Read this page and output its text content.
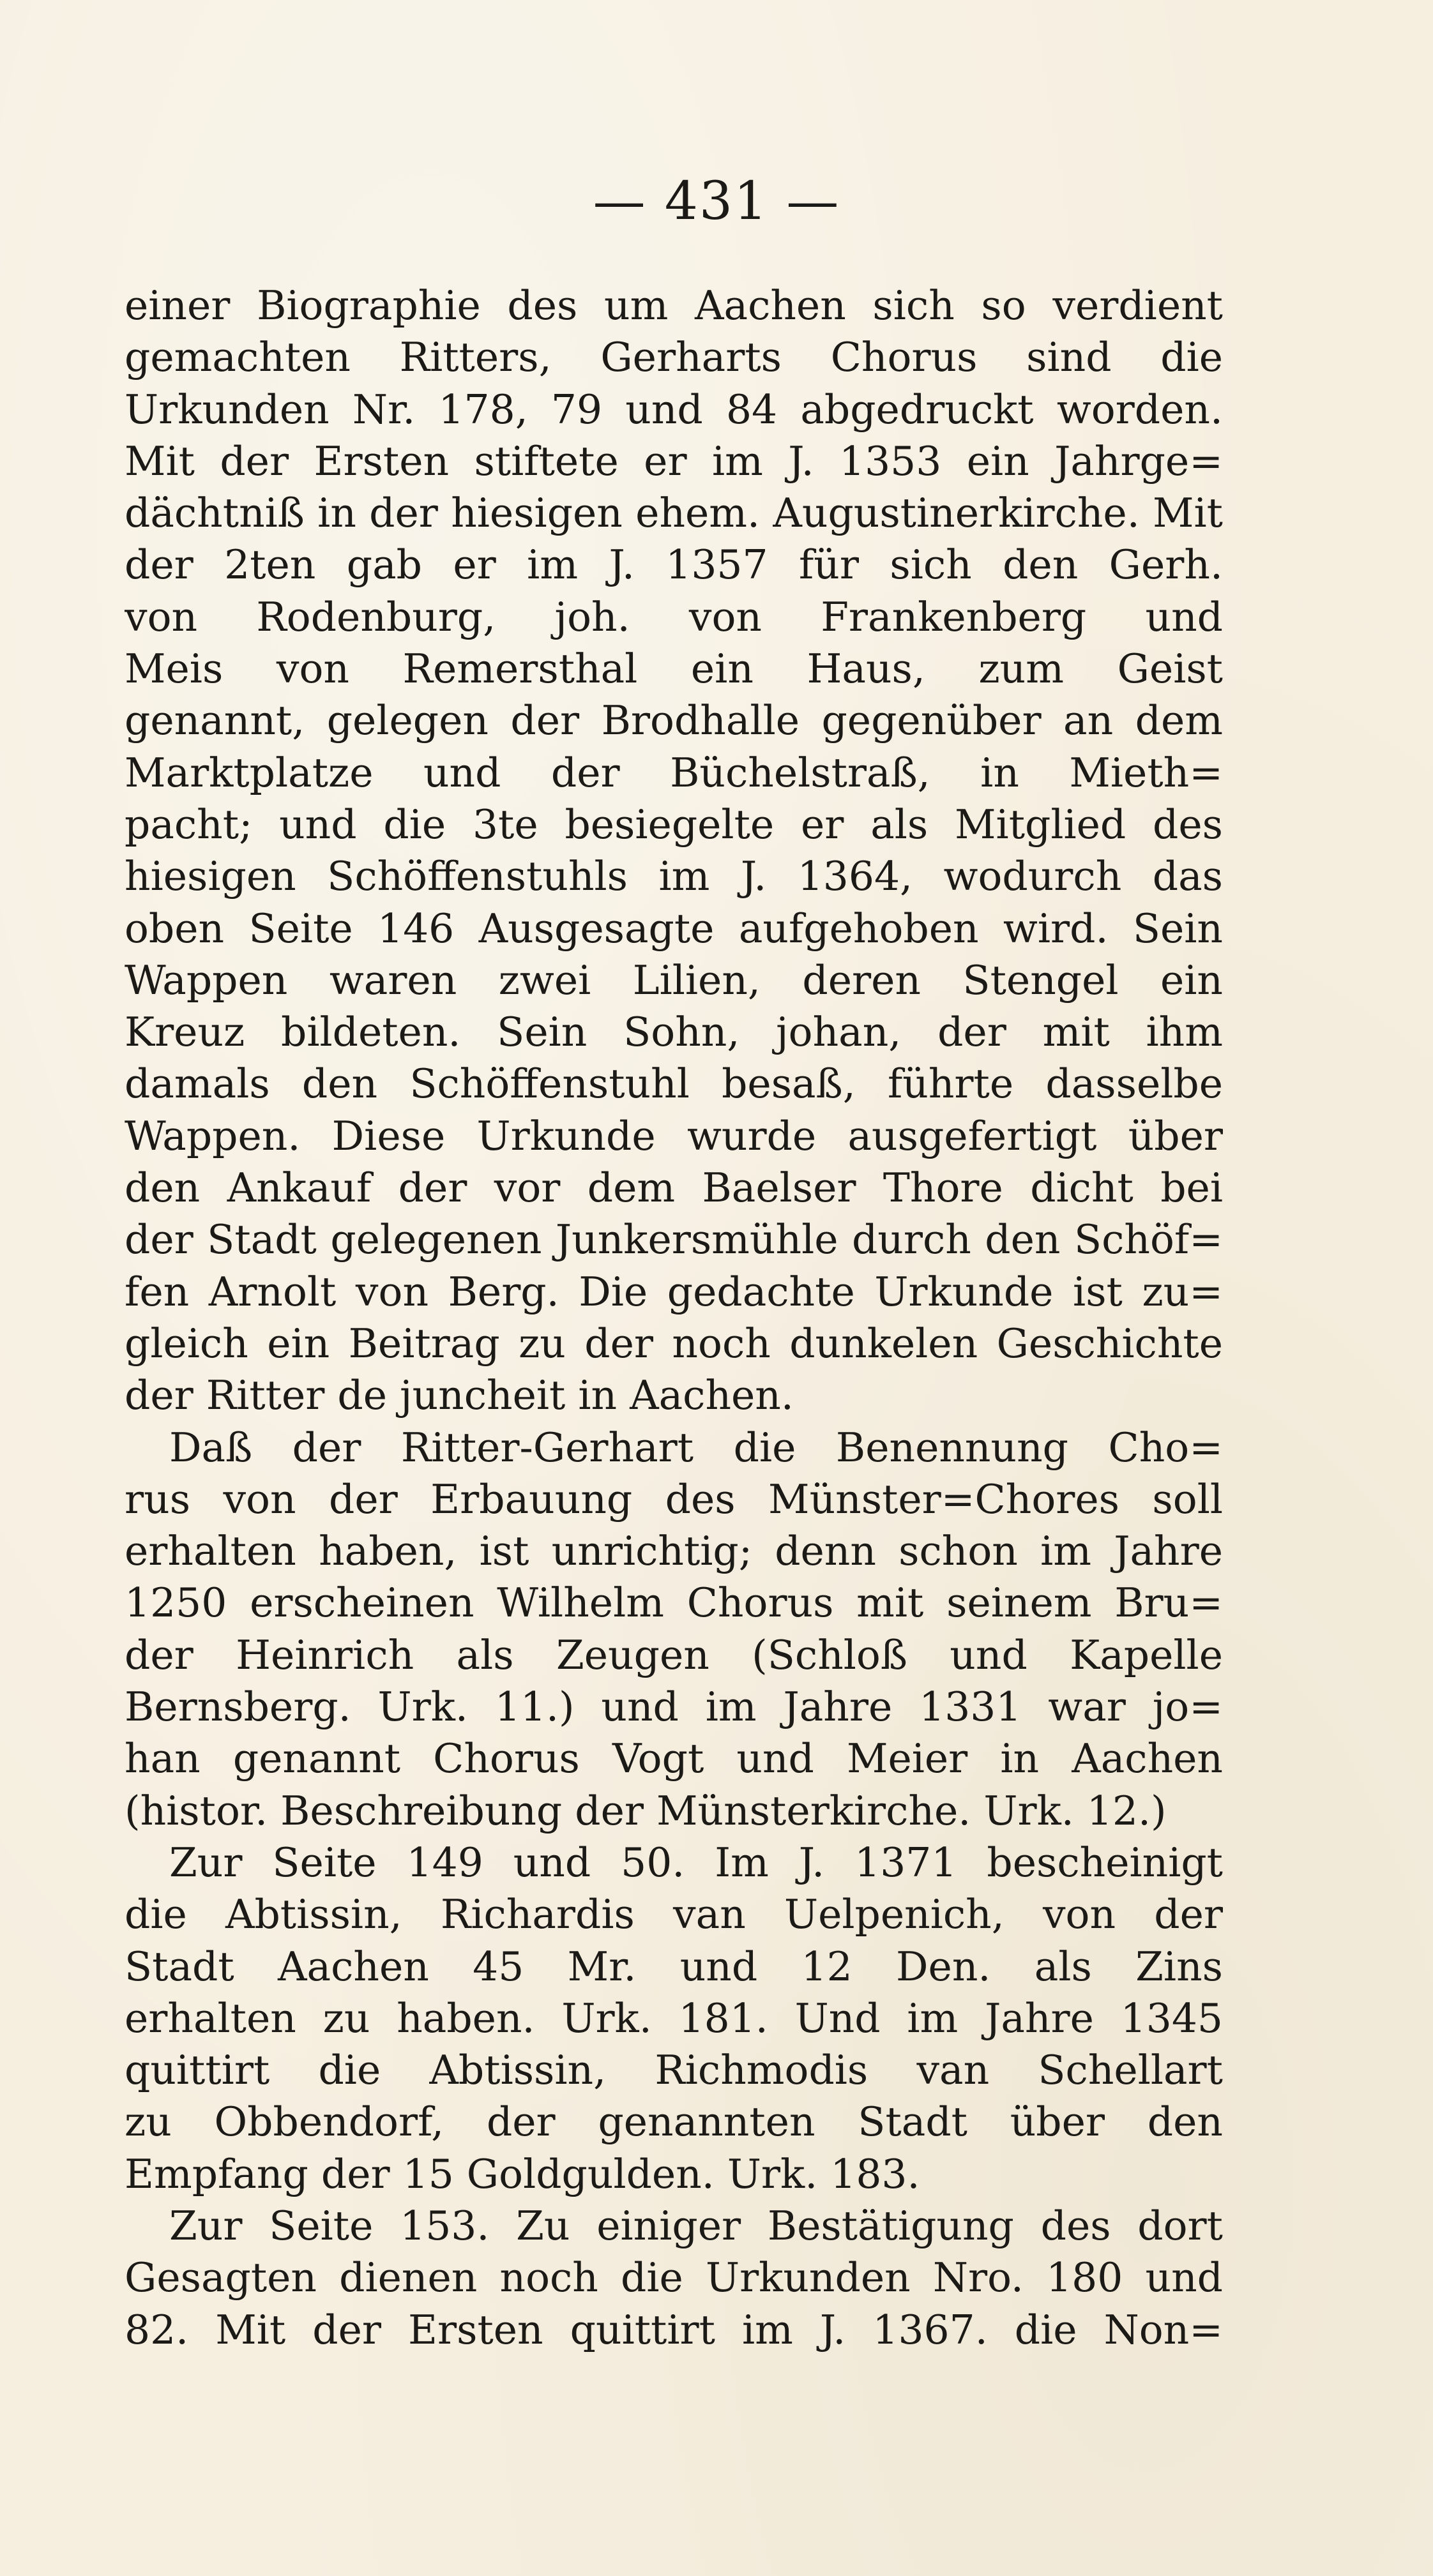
— 431 —
einer Biographie des um Aachen sich so verdient
gemachten Ritters, Gerharts Chorus sind die
Urkunden Nr. 178, 79 und 84 abgedruckt worden.
Mit der Ersten stiftete er im J. 1353 ein Jahrge=
dächtniß in der hiesigen ehem. Augustinerkirche. Mit
der 2ten gab er im J. 1357 für sich den Gerh.
von Rodenburg, joh. von Frankenberg und
Meis von Remersthal ein Haus, zum Geist
genannt, gelegen der Brodhalle gegenüber an dem
Marktplatze und der Büchelstraß, in Mieth=
pacht; und die 3te besiegelte er als Mitglied des
hiesigen Schöffenstuhls im J. 1364, wodurch das
oben Seite 146 Ausgesagte aufgehoben wird. Sein
Wappen waren zwei Lilien, deren Stengel ein
Kreuz bildeten. Sein Sohn, johan, der mit ihm
damals den Schöffenstuhl besaß, führte dasselbe
Wappen. Diese Urkunde wurde ausgefertigt über
den Ankauf der vor dem Baelser Thore dicht bei
der Stadt gelegenen Junkersmühle durch den Schöf=
fen Arnolt von Berg. Die gedachte Urkunde ist zu=
gleich ein Beitrag zu der noch dunkelen Geschichte
der Ritter de juncheit in Aachen.
Daß der Ritter-Gerhart die Benennung Cho=
rus von der Erbauung des Münster=Chores soll
erhalten haben, ist unrichtig; denn schon im Jahre
1250 erscheinen Wilhelm Chorus mit seinem Bru=
der Heinrich als Zeugen (Schloß und Kapelle
Bernsberg. Urk. 11.) und im Jahre 1331 war jo=
han genannt Chorus Vogt und Meier in Aachen
(histor. Beschreibung der Münsterkirche. Urk. 12.)
Zur Seite 149 und 50. Im J. 1371 bescheinigt
die Abtissin, Richardis van Uelpenich, von der
Stadt Aachen 45 Mr. und 12 Den. als Zins
erhalten zu haben. Urk. 181. Und im Jahre 1345
quittirt die Abtissin, Richmodis van Schellart
zu Obbendorf, der genannten Stadt über den
Empfang der 15 Goldgulden. Urk. 183.
Zur Seite 153. Zu einiger Bestätigung des dort
Gesagten dienen noch die Urkunden Nro. 180 und
82. Mit der Ersten quittirt im J. 1367. die Non=
